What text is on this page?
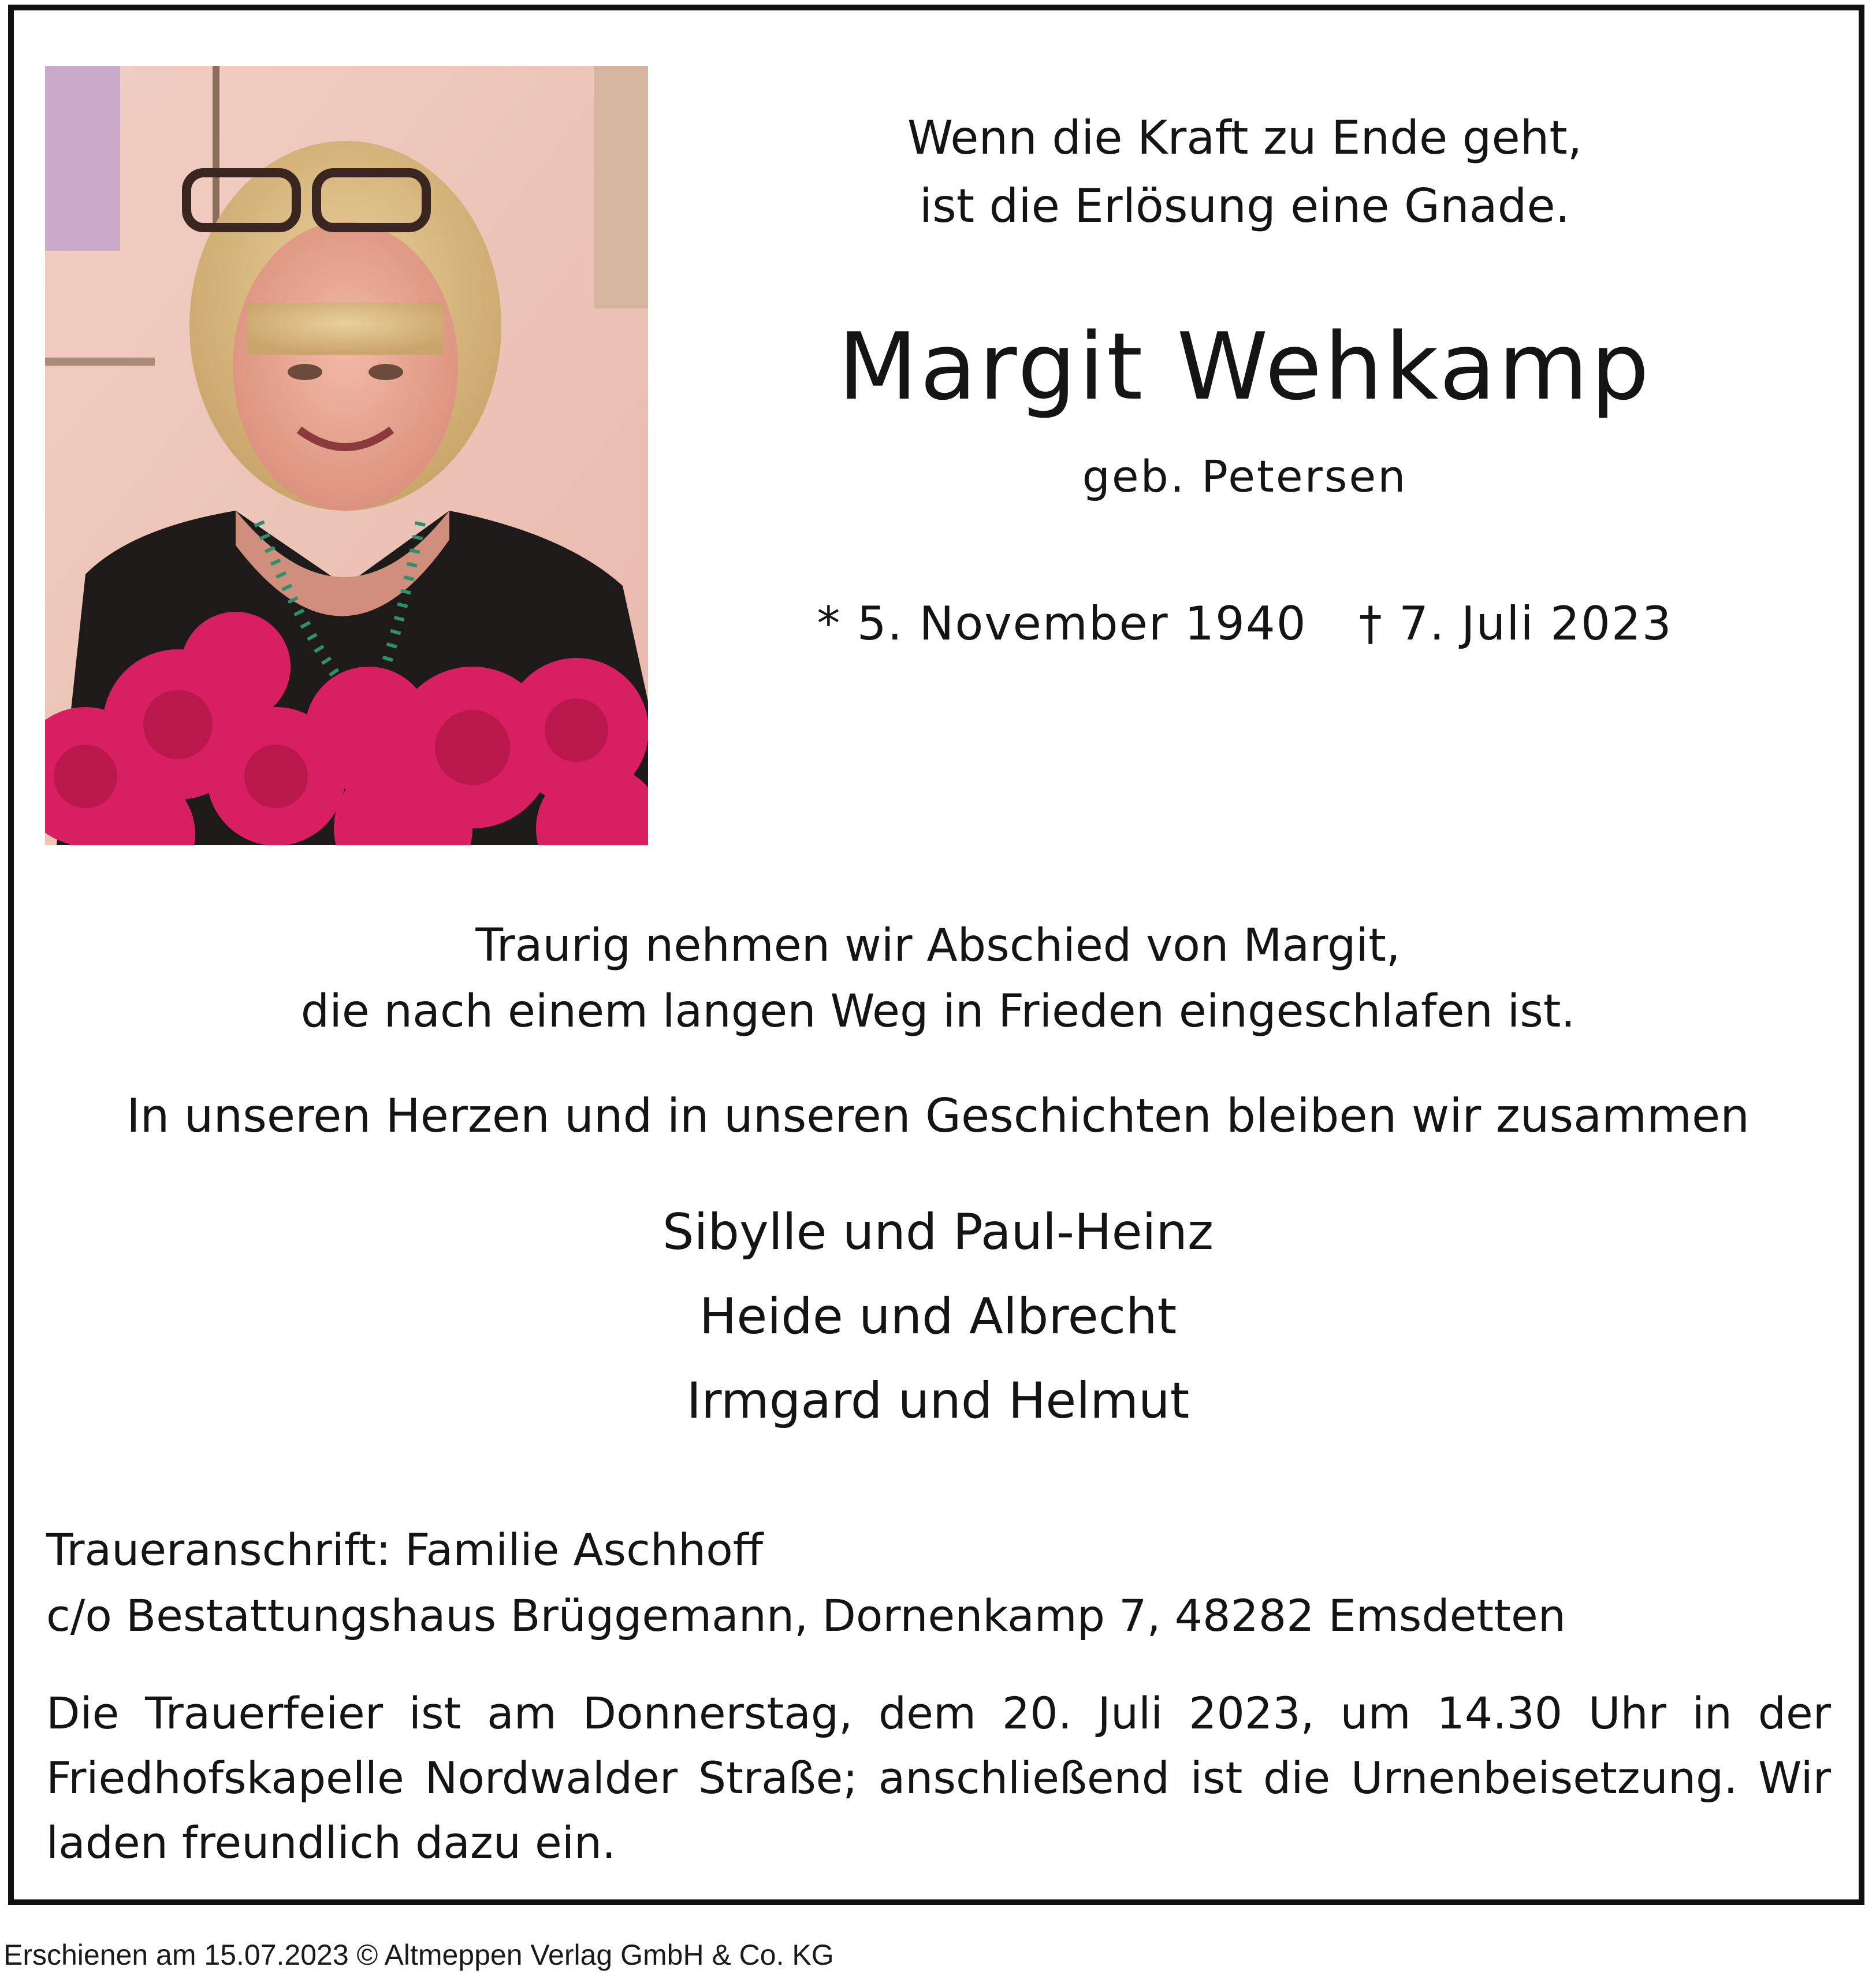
Wenn die Kraft zu Ende geht,
ist die Erlösung eine Gnade.
Margit Wehkamp
geb. Petersen
* 5. November 1940 † 7. Juli 2023
Traurig nehmen wir Abschied von Margit,
die nach einem langen Weg in Frieden eingeschlafen ist.
In unseren Herzen und in unseren Geschichten bleiben wir zusammen
Sibylle und Paul-Heinz
Heide und Albrecht
Irmgard und Helmut
Traueranschrift: Familie Aschhoff
c/o Bestattungshaus Brüggemann, Dornenkamp 7, 48282 Emsdetten
Die Trauerfeier ist am Donnerstag, dem 20. Juli 2023, um 14.30 Uhr in der Friedhofskapelle Nordwalder Straße; anschließend ist die Urnenbeisetzung. Wir laden freundlich dazu ein.
Erschienen am 15.07.2023 © Altmeppen Verlag GmbH & Co. KG
